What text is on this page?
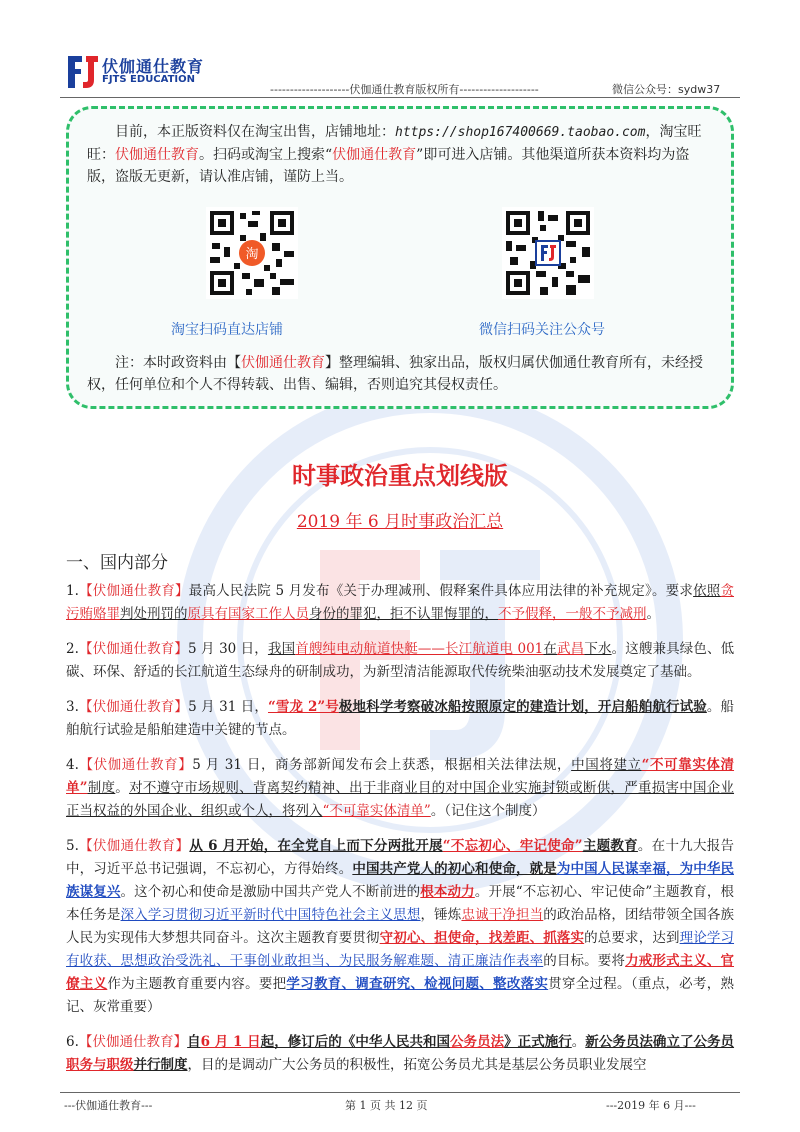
伏伽通仕教育
FJTS EDUCATION
--------------------伏伽通仕教育版权所有--------------------	微信公众号：sydw37

目前，本正版资料仅在淘宝出售，店铺地址：https://shop167400669.taobao.com，淘宝旺旺：伏伽通仕教育。扫码或淘宝上搜索“伏伽通仕教育”即可进入店铺。其他渠道所获本资料均为盗版，盗版无更新，请认准店铺，谨防上当。

淘
淘宝扫码直达店铺	微信扫码关注公众号

注：本时政资料由【伏伽通仕教育】整理编辑、独家出品，版权归属伏伽通仕教育所有，未经授权，任何单位和个人不得转载、出售、编辑，否则追究其侵权责任。

时事政治重点划线版
2019 年 6 月时事政治汇总
一、国内部分

1.【伏伽通仕教育】最高人民法院 5 月发布《关于办理减刑、假释案件具体应用法律的补充规定》。要求依照贪污贿赂罪判处刑罚的原具有国家工作人员身份的罪犯，拒不认罪悔罪的，不予假释，一般不予减刑。

2.【伏伽通仕教育】5 月 30 日，我国首艘纯电动航道快艇——长江航道电 001在武昌下水。这艘兼具绿色、低碳、环保、舒适的长江航道生态绿舟的研制成功，为新型清洁能源取代传统柴油驱动技术发展奠定了基础。

3.【伏伽通仕教育】5 月 31 日，“雪龙 2”号极地科学考察破冰船按照原定的建造计划，开启船舶航行试验。船舶航行试验是船舶建造中关键的节点。

4.【伏伽通仕教育】5 月 31 日，商务部新闻发布会上获悉，根据相关法律法规，中国将建立“不可靠实体清单”制度。对不遵守市场规则、背离契约精神、出于非商业目的对中国企业实施封锁或断供，严重损害中国企业正当权益的外国企业、组织或个人，将列入“不可靠实体清单”。（记住这个制度）

5.【伏伽通仕教育】从 6 月开始，在全党自上而下分两批开展“不忘初心、牢记使命”主题教育。在十九大报告中，习近平总书记强调，不忘初心，方得始终。中国共产党人的初心和使命，就是为中国人民谋幸福，为中华民族谋复兴。这个初心和使命是激励中国共产党人不断前进的根本动力。开展“不忘初心、牢记使命”主题教育，根本任务是深入学习贯彻习近平新时代中国特色社会主义思想，锤炼忠诚干净担当的政治品格，团结带领全国各族人民为实现伟大梦想共同奋斗。这次主题教育要贯彻守初心、担使命，找差距、抓落实的总要求，达到理论学习有收获、思想政治受洗礼、干事创业敢担当、为民服务解难题、清正廉洁作表率的目标。要将力戒形式主义、官僚主义作为主题教育重要内容。要把学习教育、调查研究、检视问题、整改落实贯穿全过程。（重点，必考，熟记、灰常重要）

6.【伏伽通仕教育】自6 月 1 日起，修订后的《中华人民共和国公务员法》正式施行。新公务员法确立了公务员职务与职级并行制度，目的是调动广大公务员的积极性，拓宽公务员尤其是基层公务员职业发展空

---伏伽通仕教育---	第 1 页 共 12 页	---2019 年 6 月---
